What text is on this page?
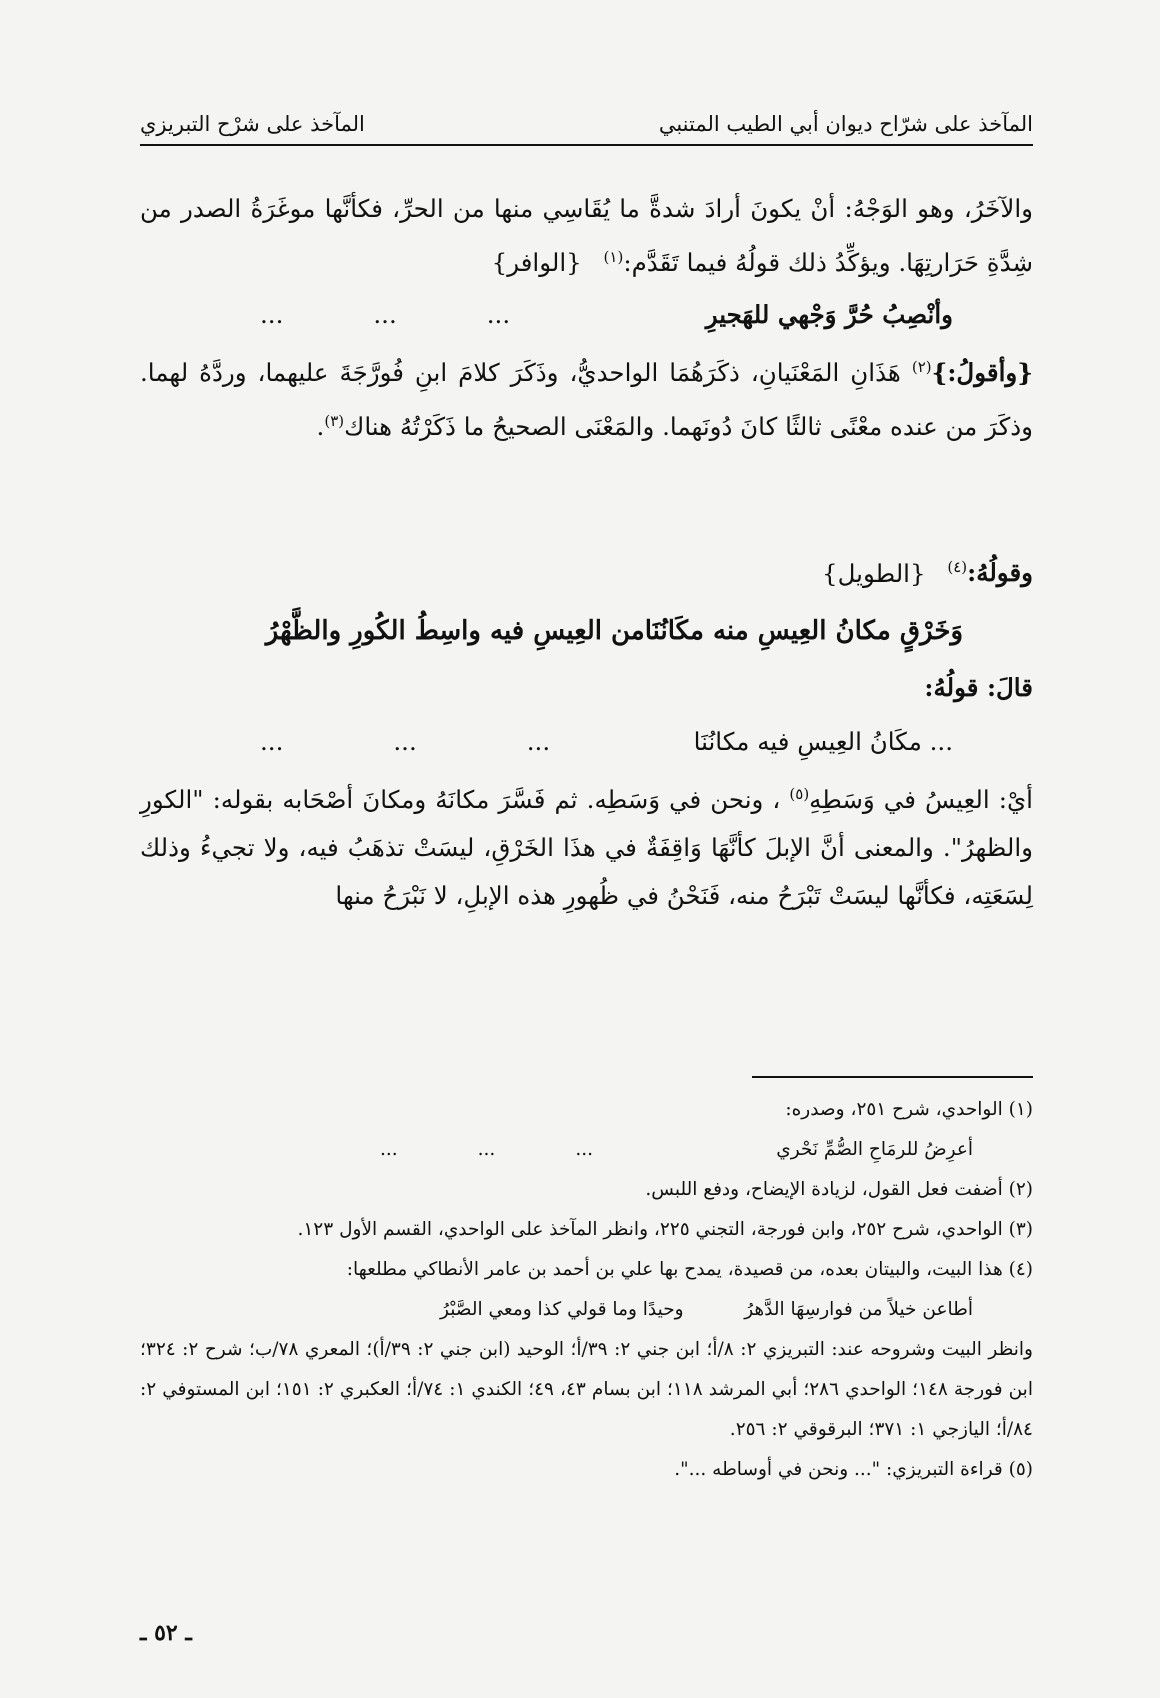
المآخذ على شرّاح ديوان أبي الطيب المتنبي
المآخذ على شرْح التبريزي

والآخَرُ، وهو الوَجْهُ: أنْ يكونَ أرادَ شدةَّ ما يُقَاسِي منها من الحرِّ، فكأنَّها موغَرَةُ الصدر من شِدَّةِ حَرَارتِهَا. ويؤكِّدُ ذلك قولُهُ فيما تَقَدَّم:$^{(١)}$ {الوافر}

وأنْصِبُ حُرَّ وَجْهي للهَجيرِ
...
...
...

{وأقولُ:}$^{(٢)}$ هَذَانِ المَعْنَيانِ، ذكَرَهُمَا الواحديُّ، وذَكَرَ كلامَ ابنِ فُورَّجَةَ عليهما، وردَّهُ لهما. وذكَرَ من عنده معْنًى ثالثًا كانَ دُونَهما. والمَعْنَى الصحيحُ ما ذَكَرْتُهُ هناك$^{(٣)}$.

وقولُهُ:$^{(٤)}$ {الطويل}

وَخَرْقٍ مكانُ العِيسِ منه مكَانُنَا
من العِيسِ فيه واسِطُ الكُورِ والظَّهْرُ

قالَ: قولُهُ:

... مكَانُ العِيسِ فيه مكانُنَا
...
...
...

أيْ: العِيسُ في وَسَطِهِ$^{(٥)}$ ، ونحن في وَسَطِه. ثم فَسَّرَ مكانَهُ ومكانَ أصْحَابه بقوله: "الكورِ والظهرُ". والمعنى أنَّ الإبلَ كأنَّهَا وَاقِفَةٌ في هذَا الخَرْقِ، ليسَتْ تذهَبُ فيه، ولا تجيءُ وذلك لِسَعَتِه، فكأنَّها ليسَتْ تَبْرَحُ منه، فَنَحْنُ في ظُهورِ هذه الإبلِ، لا نَبْرَحُ منها

(١) الواحدي، شرح ٢٥١، وصدره:

أعرِضُ للرمَاحِ الصُّمِّ نَحْري
...
...
...

(٢) أضفت فعل القول، لزيادة الإيضاح، ودفع اللبس.

(٣) الواحدي، شرح ٢٥٢، وابن فورجة، التجني ٢٢٥، وانظر المآخذ على الواحدي، القسم الأول ١٢٣.

(٤) هذا البيت، والبيتان بعده، من قصيدة، يمدح بها علي بن أحمد بن عامر الأنطاكي مطلعها:

أطاعن خيلاً من فوارسِهَا الدَّهرُ
وحيدًا وما قولي كذا ومعي الصَّبْرُ

وانظر البيت وشروحه عند: التبريزي ٢: ٨/أ؛ ابن جني ٢: ٣٩/أ؛ الوحيد (ابن جني ٢: ٣٩/أ)؛ المعري ٧٨/ب؛ شرح ٢: ٣٢٤؛ ابن فورجة ١٤٨؛ الواحدي ٢٨٦؛ أبي المرشد ١١٨؛ ابن بسام ٤٣، ٤٩؛ الكندي ١: ٧٤/أ؛ العكبري ٢: ١٥١؛ ابن المستوفي ٢: ٨٤/أ؛ اليازجي ١: ٣٧١؛ البرقوقي ٢: ٢٥٦.

(٥) قراءة التبريزي: "... ونحن في أوساطه ...".

ـ ٥٢ ـ
